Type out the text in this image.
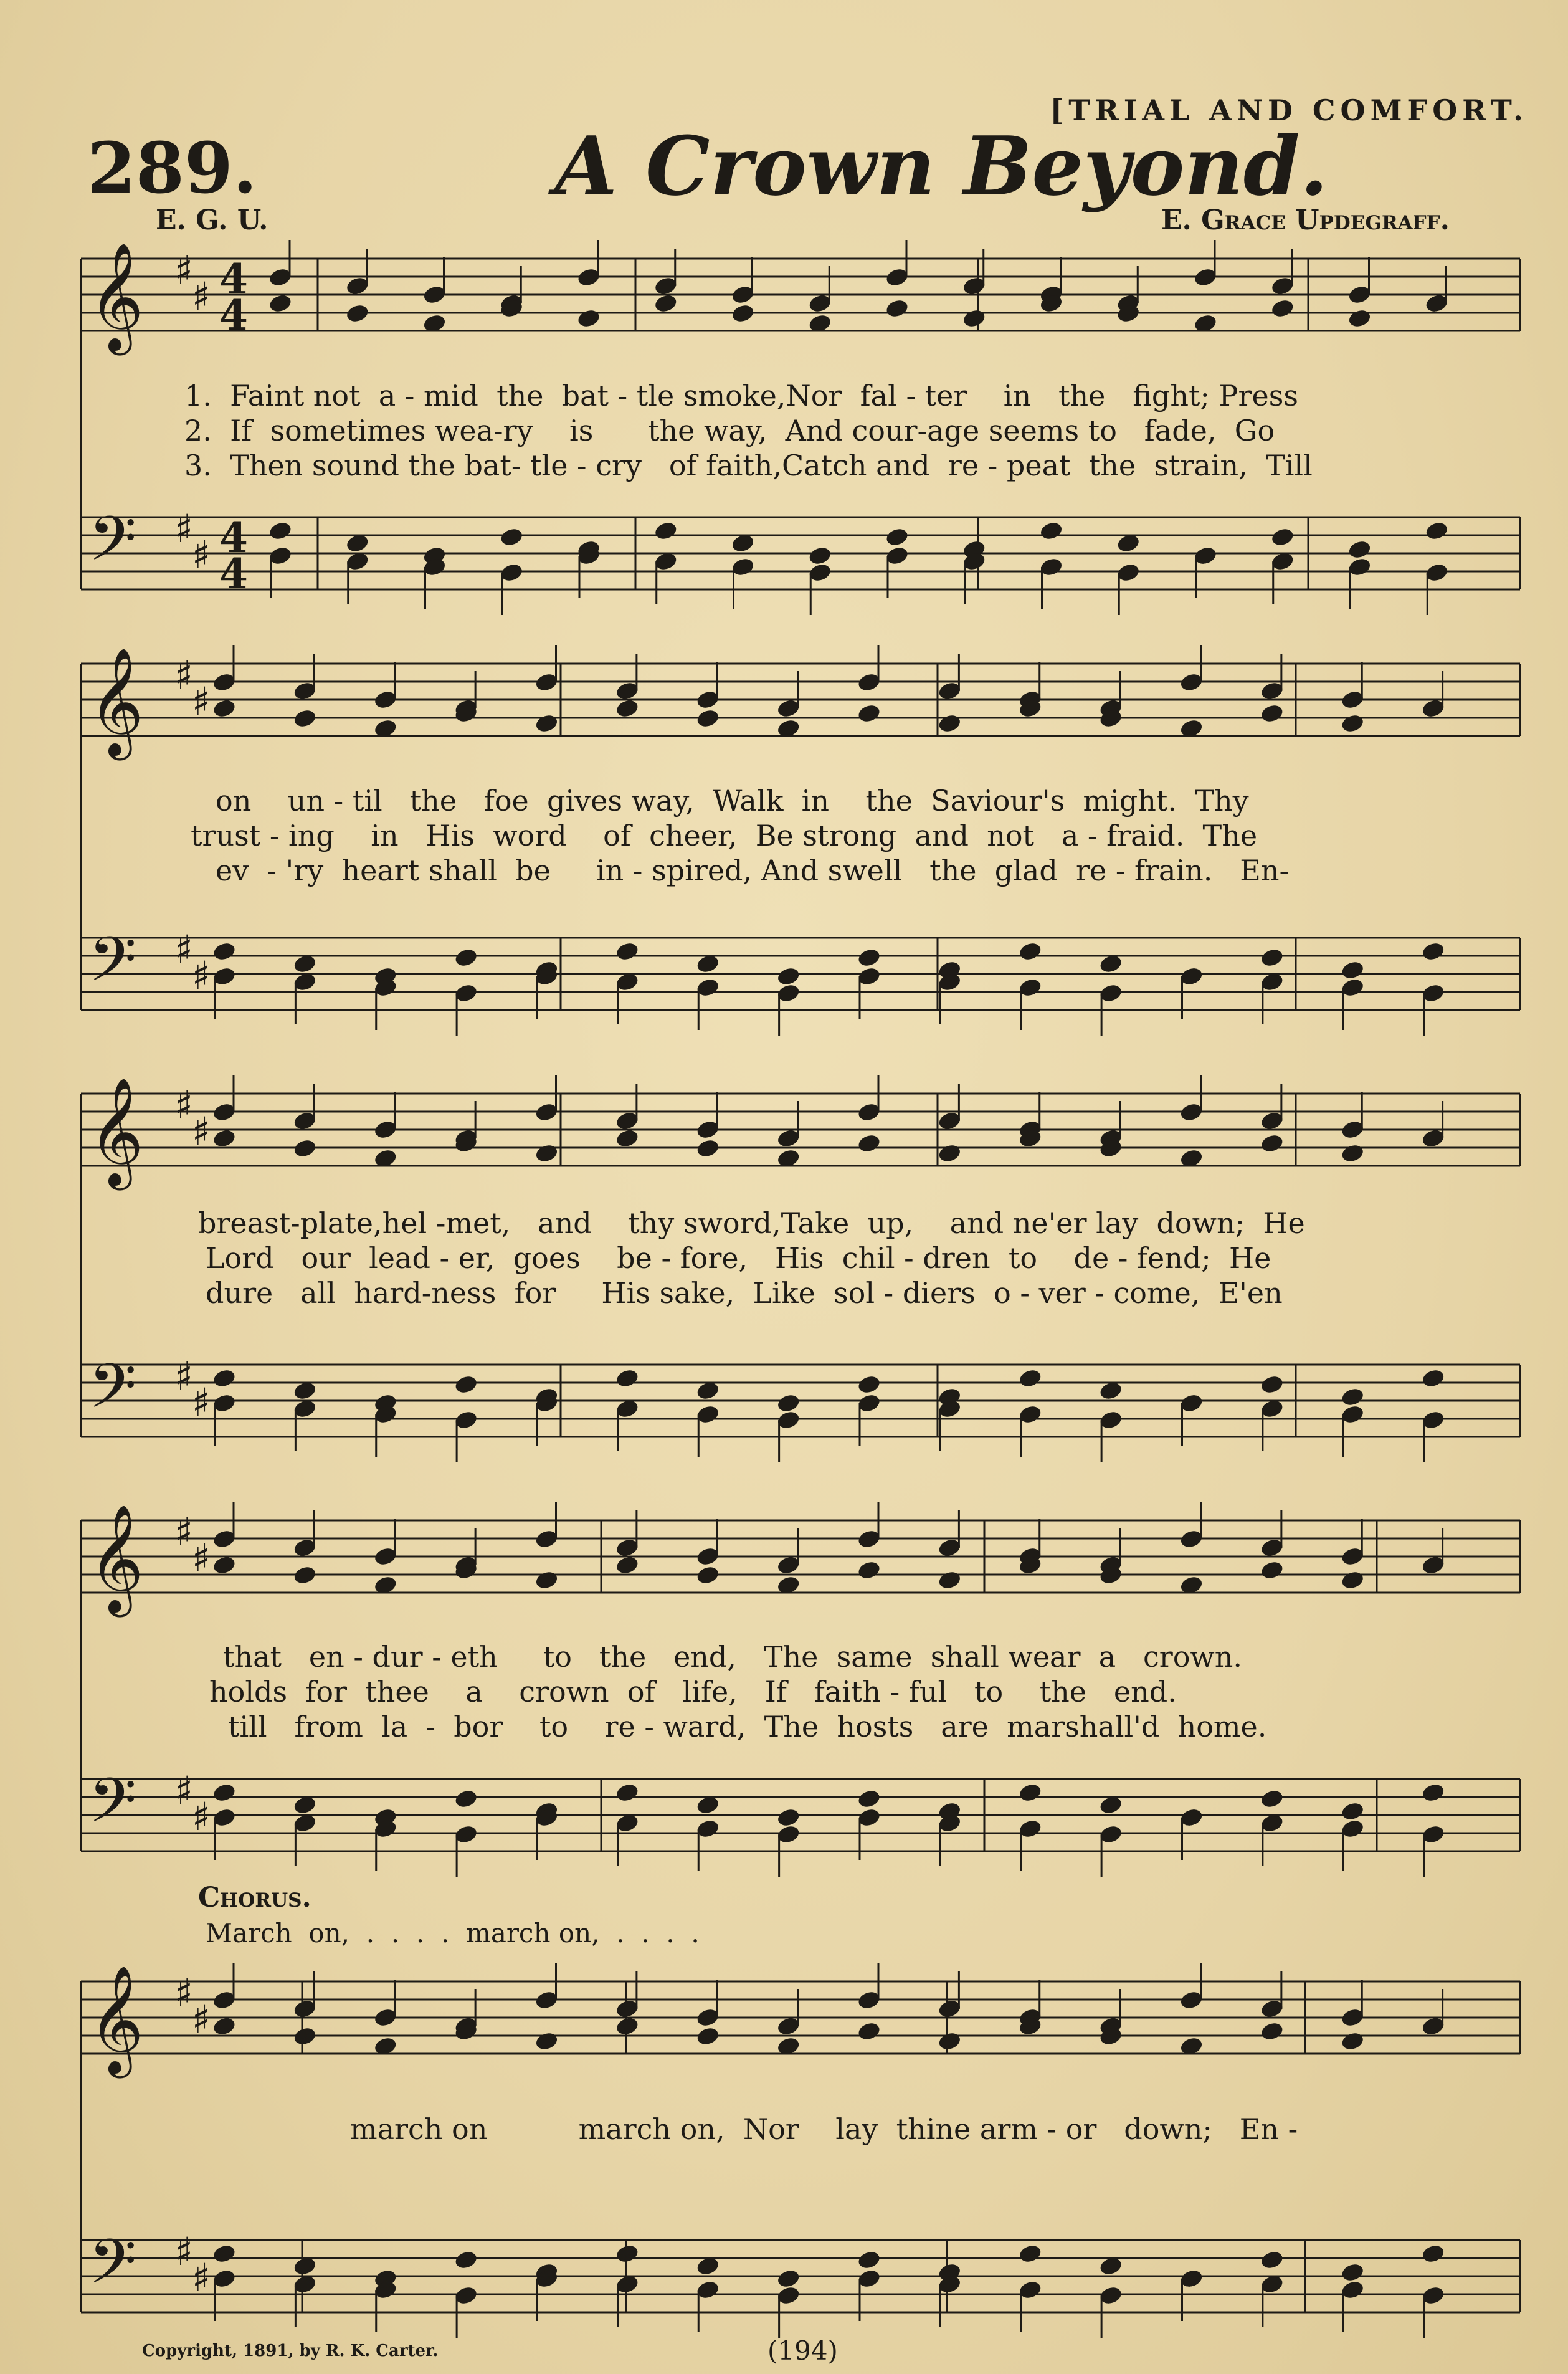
[TRIAL AND COMFORT.
289.	A Crown Beyond.
E. G. U.	E. Grace Updegraff.
𝄞
𝄢
♯
♯
♯
♯
4
4
4
4
𝄞
𝄢
♯
♯
♯
♯
𝄞
𝄢
♯
♯
♯
♯
𝄞
𝄢
♯
♯
♯
♯
𝄞
𝄢
♯
♯
♯
♯
1.  Faint not  a - mid  the  bat - tle smoke,Nor  fal - ter    in   the   fight; Press
2.  If  sometimes wea-ry    is      the way,  And cour-age seems to   fade,  Go
3.  Then sound the bat- tle - cry   of faith,Catch and  re - peat  the  strain,  Till
on    un - til   the   foe  gives way,  Walk  in    the  Saviour's  might.  Thy
trust - ing    in   His  word    of  cheer,  Be strong  and  not   a - fraid.  The
ev  - 'ry  heart shall  be     in - spired, And swell   the  glad  re - frain.   En-
breast-plate,hel -met,   and    thy sword,Take  up,    and ne'er lay  down;  He
Lord   our  lead - er,  goes    be - fore,   His  chil - dren  to    de - fend;  He
dure   all  hard-ness  for     His sake,  Like  sol - diers  o - ver - come,  E'en
that   en - dur - eth     to   the   end,   The  same  shall wear  a   crown.
holds  for  thee    a    crown  of   life,   If   faith - ful   to    the   end.
till   from  la  -  bor    to    re - ward,  The  hosts   are  marshall'd  home.
Chorus.
March  on,  .  .  .  .  march on,  .  .  .  .
march on          march on,  Nor    lay  thine arm - or   down;   En -
Copyright, 1891, by R. K. Carter.	(194)
